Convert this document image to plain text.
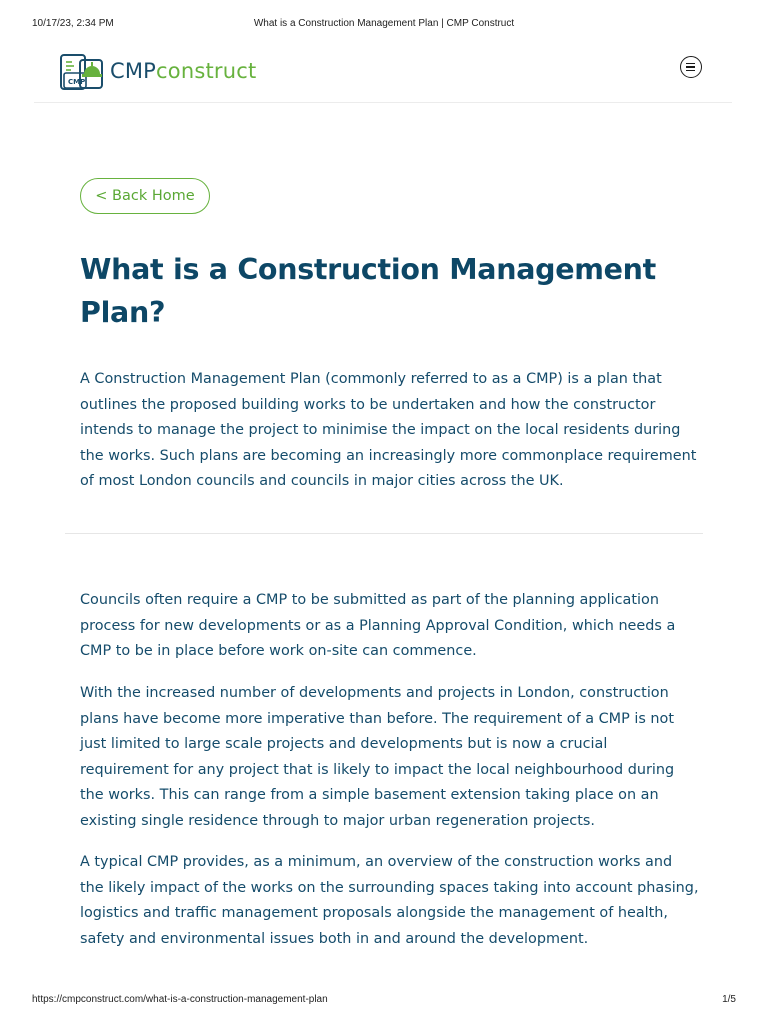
10/17/23, 2:34 PM	What is a Construction Management Plan | CMP Construct
CMP CMPconstruct
< Back Home
What is a Construction Management Plan?

A Construction Management Plan (commonly referred to as a CMP) is a plan that outlines the proposed building works to be undertaken and how the constructor intends to manage the project to minimise the impact on the local residents during the works. Such plans are becoming an increasingly more commonplace requirement of most London councils and councils in major cities across the UK.

Councils often require a CMP to be submitted as part of the planning application process for new developments or as a Planning Approval Condition, which needs a CMP to be in place before work on-site can commence.

With the increased number of developments and projects in London, construction plans have become more imperative than before. The requirement of a CMP is not just limited to large scale projects and developments but is now a crucial requirement for any project that is likely to impact the local neighbourhood during the works. This can range from a simple basement extension taking place on an existing single residence through to major urban regeneration projects.

A typical CMP provides, as a minimum, an overview of the construction works and the likely impact of the works on the surrounding spaces taking into account phasing, logistics and traffic management proposals alongside the management of health, safety and environmental issues both in and around the development.

https://cmpconstruct.com/what-is-a-construction-management-plan	1/5
